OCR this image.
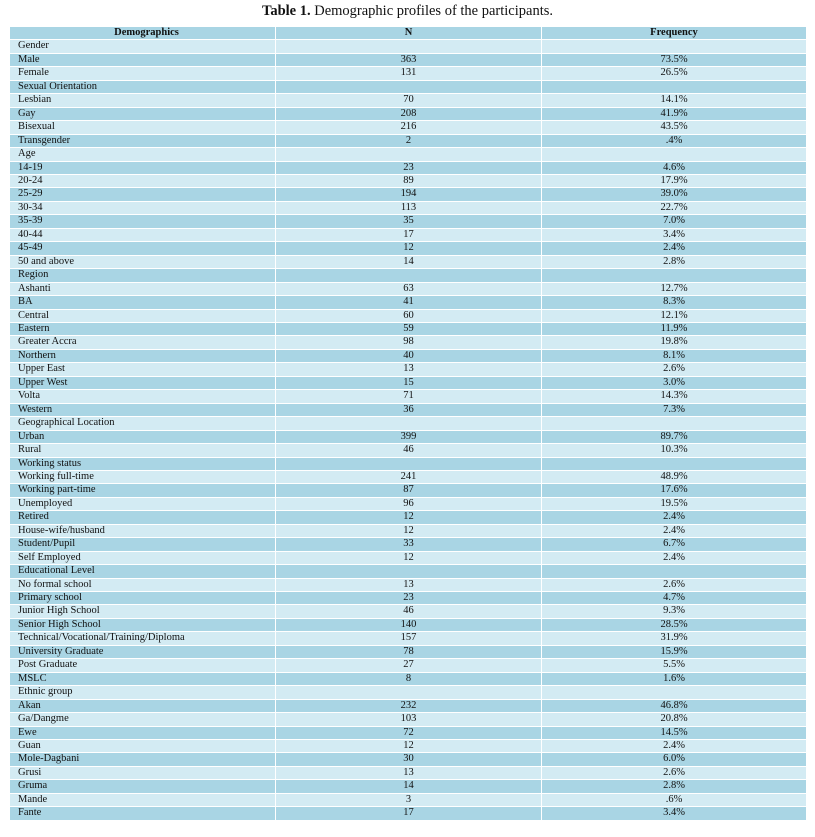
Table 1. Demographic profiles of the participants.

Demographics	N	Frequency
Gender		
Male	363	73.5%
Female	131	26.5%
Sexual Orientation		
Lesbian	70	14.1%
Gay	208	41.9%
Bisexual	216	43.5%
Transgender	2	.4%
Age		
14-19	23	4.6%
20-24	89	17.9%
25-29	194	39.0%
30-34	113	22.7%
35-39	35	7.0%
40-44	17	3.4%
45-49	12	2.4%
50 and above	14	2.8%
Region		
Ashanti	63	12.7%
BA	41	8.3%
Central	60	12.1%
Eastern	59	11.9%
Greater Accra	98	19.8%
Northern	40	8.1%
Upper East	13	2.6%
Upper West	15	3.0%
Volta	71	14.3%
Western	36	7.3%
Geographical Location		
Urban	399	89.7%
Rural	46	10.3%
Working status		
Working full-time	241	48.9%
Working part-time	87	17.6%
Unemployed	96	19.5%
Retired	12	2.4%
House-wife/husband	12	2.4%
Student/Pupil	33	6.7%
Self Employed	12	2.4%
Educational Level		
No formal school	13	2.6%
Primary school	23	4.7%
Junior High School	46	9.3%
Senior High School	140	28.5%
Technical/Vocational/Training/Diploma	157	31.9%
University Graduate	78	15.9%
Post Graduate	27	5.5%
MSLC	8	1.6%
Ethnic group		
Akan	232	46.8%
Ga/Dangme	103	20.8%
Ewe	72	14.5%
Guan	12	2.4%
Mole-Dagbani	30	6.0%
Grusi	13	2.6%
Gruma	14	2.8%
Mande	3	.6%
Fante	17	3.4%
